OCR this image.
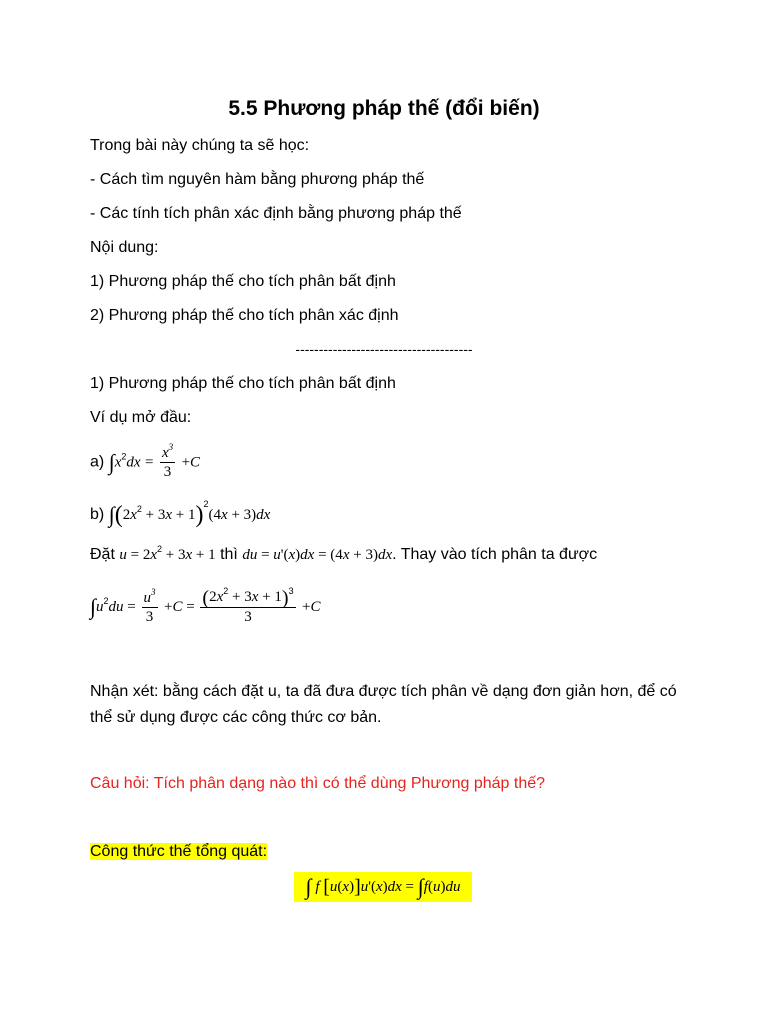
5.5 Phương pháp thế (đổi biến)
Trong bài này chúng ta sẽ học:
- Cách tìm nguyên hàm bằng phương pháp thế
- Các tính tích phân xác định bằng phương pháp thế
Nội dung:
1) Phương pháp thế cho tích phân bất định
2) Phương pháp thế cho tích phân xác định
--------------------------------------
1) Phương pháp thế cho tích phân bất định
Ví dụ mở đầu:
a) $\int x^2dx = \frac{x^3}{3} +C$
b) $\int(2x^2 + 3x + 1)^2(4x + 3)dx$
Đặt $u = 2x^2 + 3x + 1$ thì du = u'(x)dx = (4x + 3)dx. Thay vào tích phân ta được
$\int u^2du = \frac{u^3}{3} +C = \frac{(2x^2 + 3x + 1)^3}{3} +C$
Nhận xét: bằng cách đặt u, ta đã đưa được tích phân về dạng đơn giản hơn, để có
thể sử dụng được các công thức cơ bản.
Câu hỏi: Tích phân dạng nào thì có thể dùng Phương pháp thế?
Công thức thế tổng quát:
∫ f [u(x)]u'(x)dx = ∫f(u)du
